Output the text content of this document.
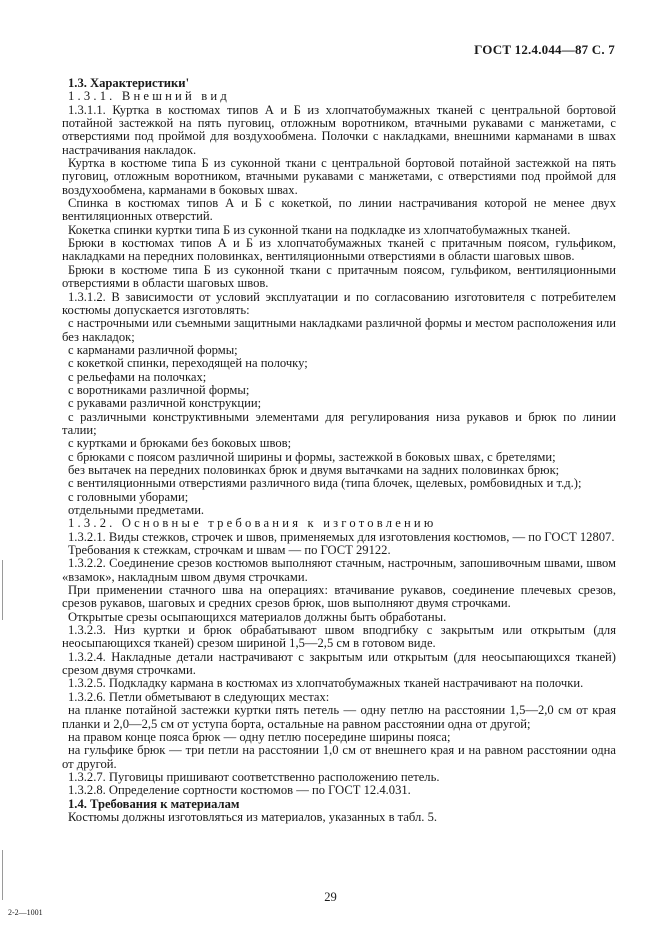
ГОСТ 12.4.044—87 С. 7

1.3. Характеристики'

1.3.1. Внешний вид

1.3.1.1. Куртка в костюмах типов А и Б из хлопчатобумажных тканей с центральной бортовой потайной застежкой на пять пуговиц, отложным воротником, втачными рукавами с манжетами, с отверстиями под проймой для воздухообмена. Полочки с накладками, внешними карманами в швах настрачивания накладок.

Куртка в костюме типа Б из суконной ткани с центральной бортовой потайной застежкой на пять пуговиц, отложным воротником, втачными рукавами с манжетами, с отверстиями под проймой для воздухообмена, карманами в боковых швах.

Спинка в костюмах типов А и Б с кокеткой, по линии настрачивания которой не менее двух вентиляционных отверстий.

Кокетка спинки куртки типа Б из суконной ткани на подкладке из хлопчатобумажных тканей.

Брюки в костюмах типов А и Б из хлопчатобумажных тканей с притачным поясом, гульфиком, накладками на передних половинках, вентиляционными отверстиями в области шаговых швов.

Брюки в костюме типа Б из суконной ткани с притачным поясом, гульфиком, вентиляционными отверстиями в области шаговых швов.

1.3.1.2. В зависимости от условий эксплуатации и по согласованию изготовителя с потребителем костюмы допускается изготовлять:

с настрочными или съемными защитными накладками различной формы и местом расположения или без накладок;

с карманами различной формы;

с кокеткой спинки, переходящей на полочку;

с рельефами на полочках;

с воротниками различной формы;

с рукавами различной конструкции;

с различными конструктивными элементами для регулирования низа рукавов и брюк по линии талии;

с куртками и брюками без боковых швов;

с брюками с поясом различной ширины и формы, застежкой в боковых швах, с бретелями;

без вытачек на передних половинках брюк и двумя вытачками на задних половинках брюк;

с вентиляционными отверстиями различного вида (типа блочек, щелевых, ромбовидных и т.д.);

с головными уборами;

отдельными предметами.

1.3.2. Основные требования к изготовлению

1.3.2.1. Виды стежков, строчек и швов, применяемых для изготовления костюмов, — по ГОСТ 12807.

Требования к стежкам, строчкам и швам — по ГОСТ 29122.

1.3.2.2. Соединение срезов костюмов выполняют стачным, настрочным, запошивочным швами, швом «взамок», накладным швом двумя строчками.

При применении стачного шва на операциях: втачивание рукавов, соединение плечевых срезов, срезов рукавов, шаговых и средних срезов брюк, шов выполняют двумя строчками.

Открытые срезы осыпающихся материалов должны быть обработаны.

1.3.2.3. Низ куртки и брюк обрабатывают швом вподгибку с закрытым или открытым (для неосыпающихся тканей) срезом шириной 1,5—2,5 см в готовом виде.

1.3.2.4. Накладные детали настрачивают с закрытым или открытым (для неосыпающихся тканей) срезом двумя строчками.

1.3.2.5. Подкладку кармана в костюмах из хлопчатобумажных тканей настрачивают на полочки.

1.3.2.6. Петли обметывают в следующих местах:

на планке потайной застежки куртки пять петель — одну петлю на расстоянии 1,5—2,0 см от края планки и 2,0—2,5 см от уступа борта, остальные на равном расстоянии одна от другой;

на правом конце пояса брюк — одну петлю посередине ширины пояса;

на гульфике брюк — три петли на расстоянии 1,0 см от внешнего края и на равном расстоянии одна от другой.

1.3.2.7. Пуговицы пришивают соответственно расположению петель.

1.3.2.8. Определение сортности костюмов — по ГОСТ 12.4.031.

1.4. Требования к материалам

Костюмы должны изготовляться из материалов, указанных в табл. 5.

29
2-2—1001
